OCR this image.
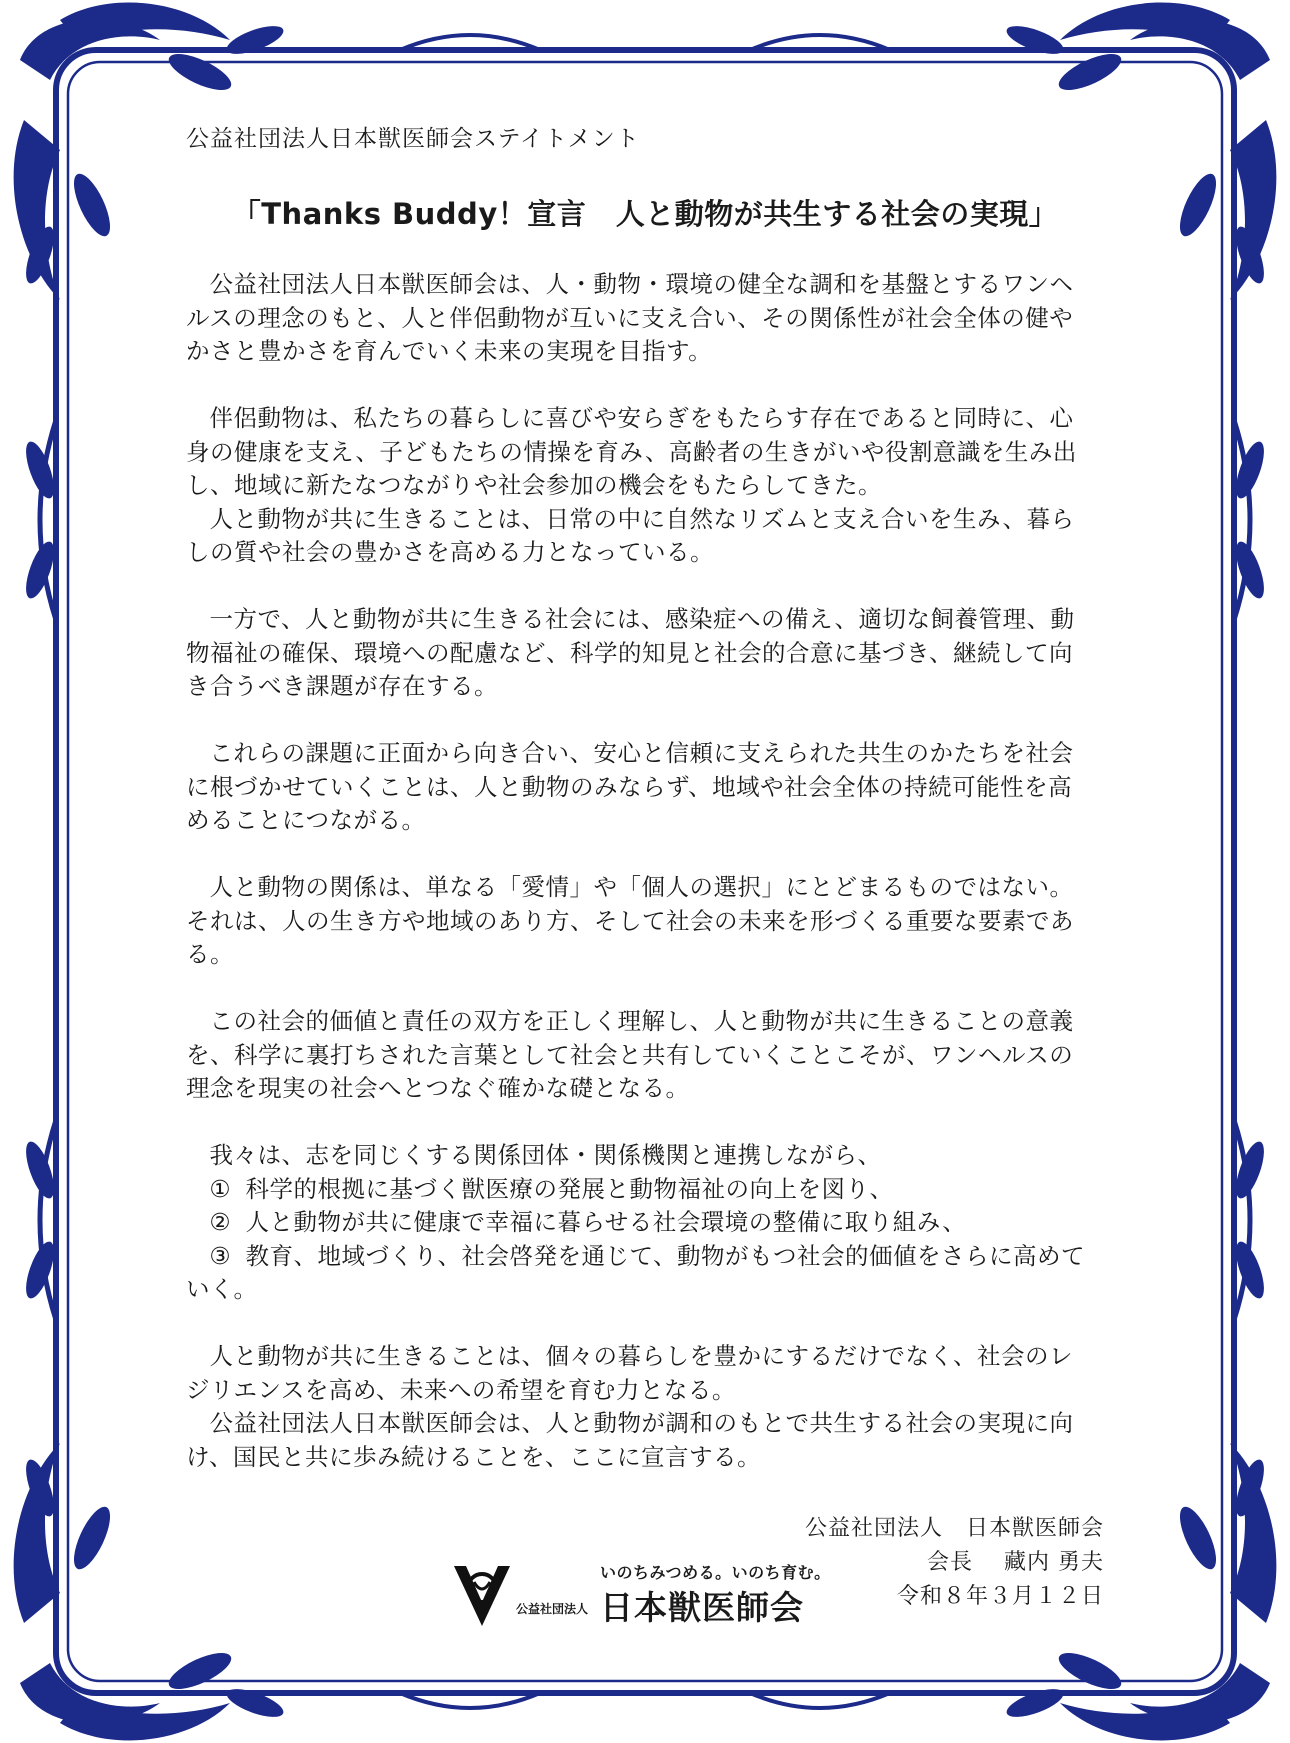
公益社団法人日本獣医師会ステイトメント
「Thanks Buddy！宣言　人と動物が共生する社会の実現」

公益社団法人日本獣医師会は、人・動物・環境の健全な調和を基盤とするワンヘルスの理念のもと、人と伴侶動物が互いに支え合い、その関係性が社会全体の健やかさと豊かさを育んでいく未来の実現を目指す。

伴侶動物は、私たちの暮らしに喜びや安らぎをもたらす存在であると同時に、心身の健康を支え、子どもたちの情操を育み、高齢者の生きがいや役割意識を生み出し、地域に新たなつながりや社会参加の機会をもたらしてきた。

人と動物が共に生きることは、日常の中に自然なリズムと支え合いを生み、暮らしの質や社会の豊かさを高める力となっている。

一方で、人と動物が共に生きる社会には、感染症への備え、適切な飼養管理、動物福祉の確保、環境への配慮など、科学的知見と社会的合意に基づき、継続して向き合うべき課題が存在する。

これらの課題に正面から向き合い、安心と信頼に支えられた共生のかたちを社会に根づかせていくことは、人と動物のみならず、地域や社会全体の持続可能性を高めることにつながる。

人と動物の関係は、単なる「愛情」や「個人の選択」にとどまるものではない。それは、人の生き方や地域のあり方、そして社会の未来を形づくる重要な要素である。

この社会的価値と責任の双方を正しく理解し、人と動物が共に生きることの意義を、科学に裏打ちされた言葉として社会と共有していくことこそが、ワンヘルスの理念を現実の社会へとつなぐ確かな礎となる。

我々は、志を同じくする関係団体・関係機関と連携しながら、

① 科学的根拠に基づく獣医療の発展と動物福祉の向上を図り、
② 人と動物が共に健康で幸福に暮らせる社会環境の整備に取り組み、
③ 教育、地域づくり、社会啓発を通じて、動物がもつ社会的価値をさらに高めていく。

人と動物が共に生きることは、個々の暮らしを豊かにするだけでなく、社会のレジリエンスを高め、未来への希望を育む力となる。

公益社団法人日本獣医師会は、人と動物が調和のもとで共生する社会の実現に向け、国民と共に歩み続けることを、ここに宣言する。

公益社団法人　日本獣医師会
会長　 藏内 勇夫
令和８年３月１２日
いのちみつめる。いのち育む。
公益社団法人 日本獣医師会
